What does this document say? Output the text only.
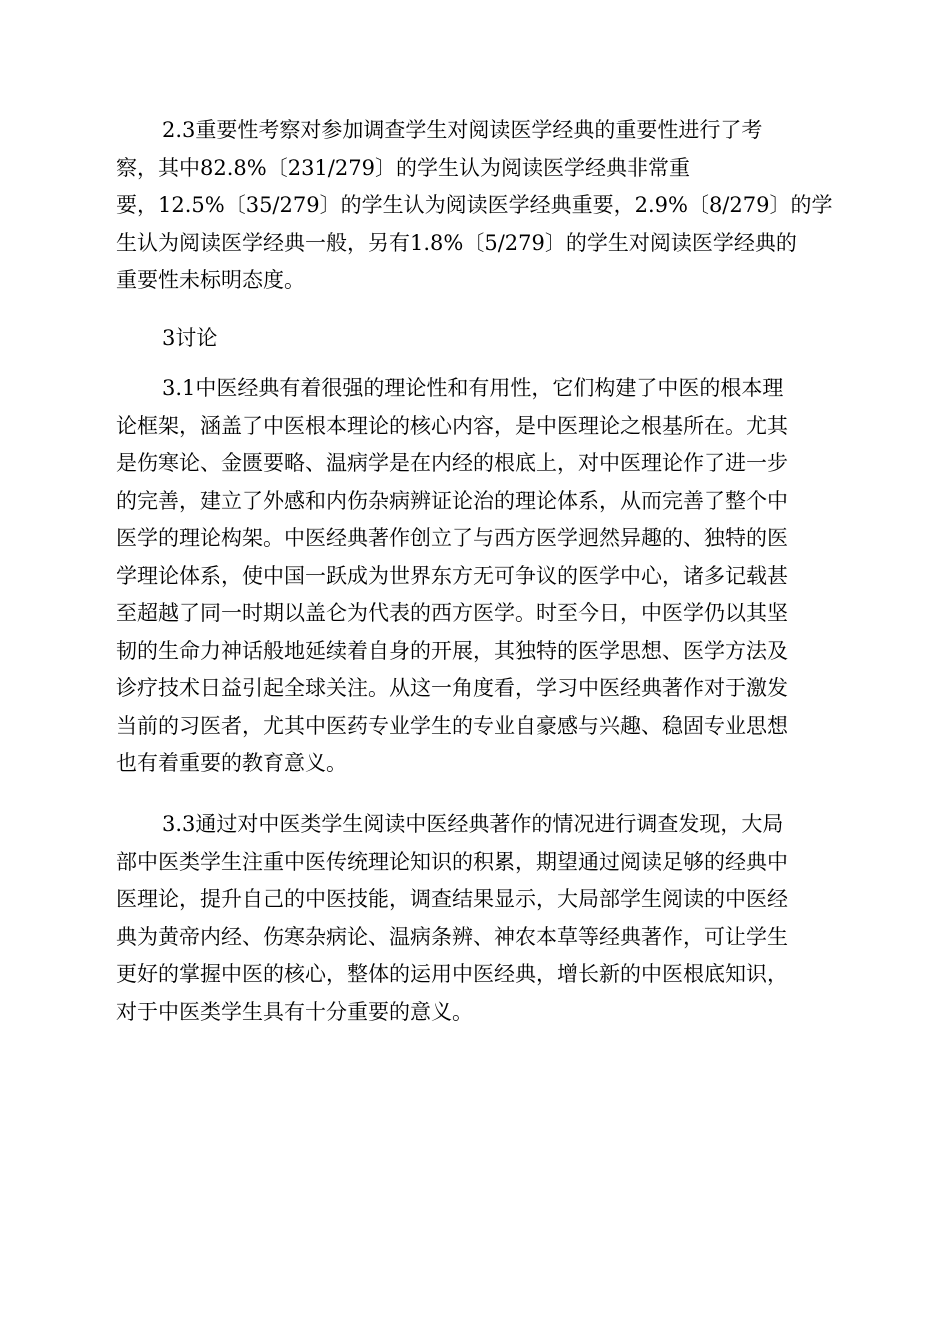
2.3重要性考察对参加调查学生对阅读医学经典的重要性进行了考
察，其中82.8%〔231/279〕的学生认为阅读医学经典非常重
要，12.5%〔35/279〕的学生认为阅读医学经典重要，2.9%〔8/279〕的学
生认为阅读医学经典一般，另有1.8%〔5/279〕的学生对阅读医学经典的
重要性未标明态度。

3讨论

3.1中医经典有着很强的理论性和有用性，它们构建了中医的根本理
论框架，涵盖了中医根本理论的核心内容，是中医理论之根基所在。尤其
是伤寒论、金匮要略、温病学是在内经的根底上，对中医理论作了进一步
的完善，建立了外感和内伤杂病辨证论治的理论体系，从而完善了整个中
医学的理论构架。中医经典著作创立了与西方医学迥然异趣的、独特的医
学理论体系，使中国一跃成为世界东方无可争议的医学中心，诸多记载甚
至超越了同一时期以盖仑为代表的西方医学。时至今日，中医学仍以其坚
韧的生命力神话般地延续着自身的开展，其独特的医学思想、医学方法及
诊疗技术日益引起全球关注。从这一角度看，学习中医经典著作对于激发
当前的习医者，尤其中医药专业学生的专业自豪感与兴趣、稳固专业思想
也有着重要的教育意义。

3.3通过对中医类学生阅读中医经典著作的情况进行调查发现，大局
部中医类学生注重中医传统理论知识的积累，期望通过阅读足够的经典中
医理论，提升自己的中医技能，调查结果显示，大局部学生阅读的中医经
典为黄帝内经、伤寒杂病论、温病条辨、神农本草等经典著作，可让学生
更好的掌握中医的核心，整体的运用中医经典，增长新的中医根底知识，
对于中医类学生具有十分重要的意义。
